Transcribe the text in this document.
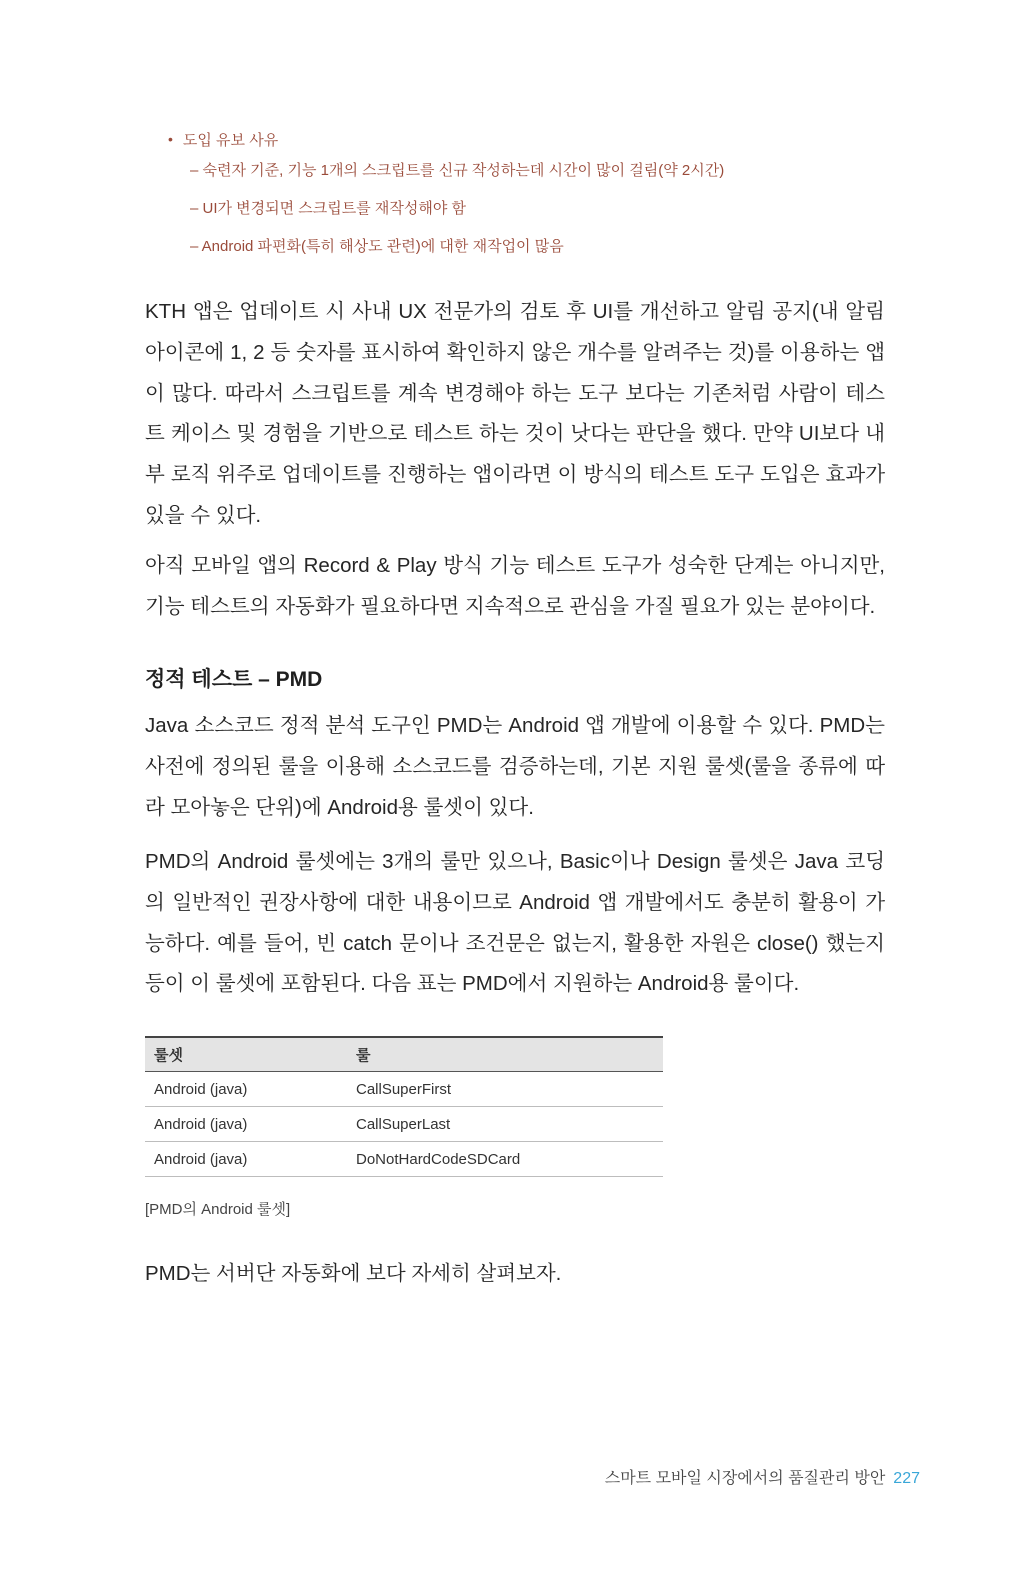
• 도입 유보 사유
– 숙련자 기준, 기능 1개의 스크립트를 신규 작성하는데 시간이 많이 걸림(약 2시간)
– UI가 변경되면 스크립트를 재작성해야 함
– Android 파편화(특히 해상도 관련)에 대한 재작업이 많음

KTH 앱은 업데이트 시 사내 UX 전문가의 검토 후 UI를 개선하고 알림 공지(내 알림 아이콘에 1, 2 등 숫자를 표시하여 확인하지 않은 개수를 알려주는 것)를 이용하는 앱이 많다. 따라서 스크립트를 계속 변경해야 하는 도구 보다는 기존처럼 사람이 테스트 케이스 및 경험을 기반으로 테스트 하는 것이 낫다는 판단을 했다. 만약 UI보다 내부 로직 위주로 업데이트를 진행하는 앱이라면 이 방식의 테스트 도구 도입은 효과가 있을 수 있다.

아직 모바일 앱의 Record & Play 방식 기능 테스트 도구가 성숙한 단계는 아니지만, 기능 테스트의 자동화가 필요하다면 지속적으로 관심을 가질 필요가 있는 분야이다.

정적 테스트 – PMD

Java 소스코드 정적 분석 도구인 PMD는 Android 앱 개발에 이용할 수 있다. PMD는 사전에 정의된 룰을 이용해 소스코드를 검증하는데, 기본 지원 룰셋(룰을 종류에 따라 모아놓은 단위)에 Android용 룰셋이 있다.

PMD의 Android 룰셋에는 3개의 룰만 있으나, Basic이나 Design 룰셋은 Java 코딩의 일반적인 권장사항에 대한 내용이므로 Android 앱 개발에서도 충분히 활용이 가능하다. 예를 들어, 빈 catch 문이나 조건문은 없는지, 활용한 자원은 close() 했는지 등이 이 룰셋에 포함된다. 다음 표는 PMD에서 지원하는 Android용 룰이다.

룰셋	룰
Android (java)	CallSuperFirst
Android (java)	CallSuperLast
Android (java)	DoNotHardCodeSDCard
[PMD의 Android 룰셋]
PMD는 서버단 자동화에 보다 자세히 살펴보자.
스마트 모바일 시장에서의 품질관리 방안 227
